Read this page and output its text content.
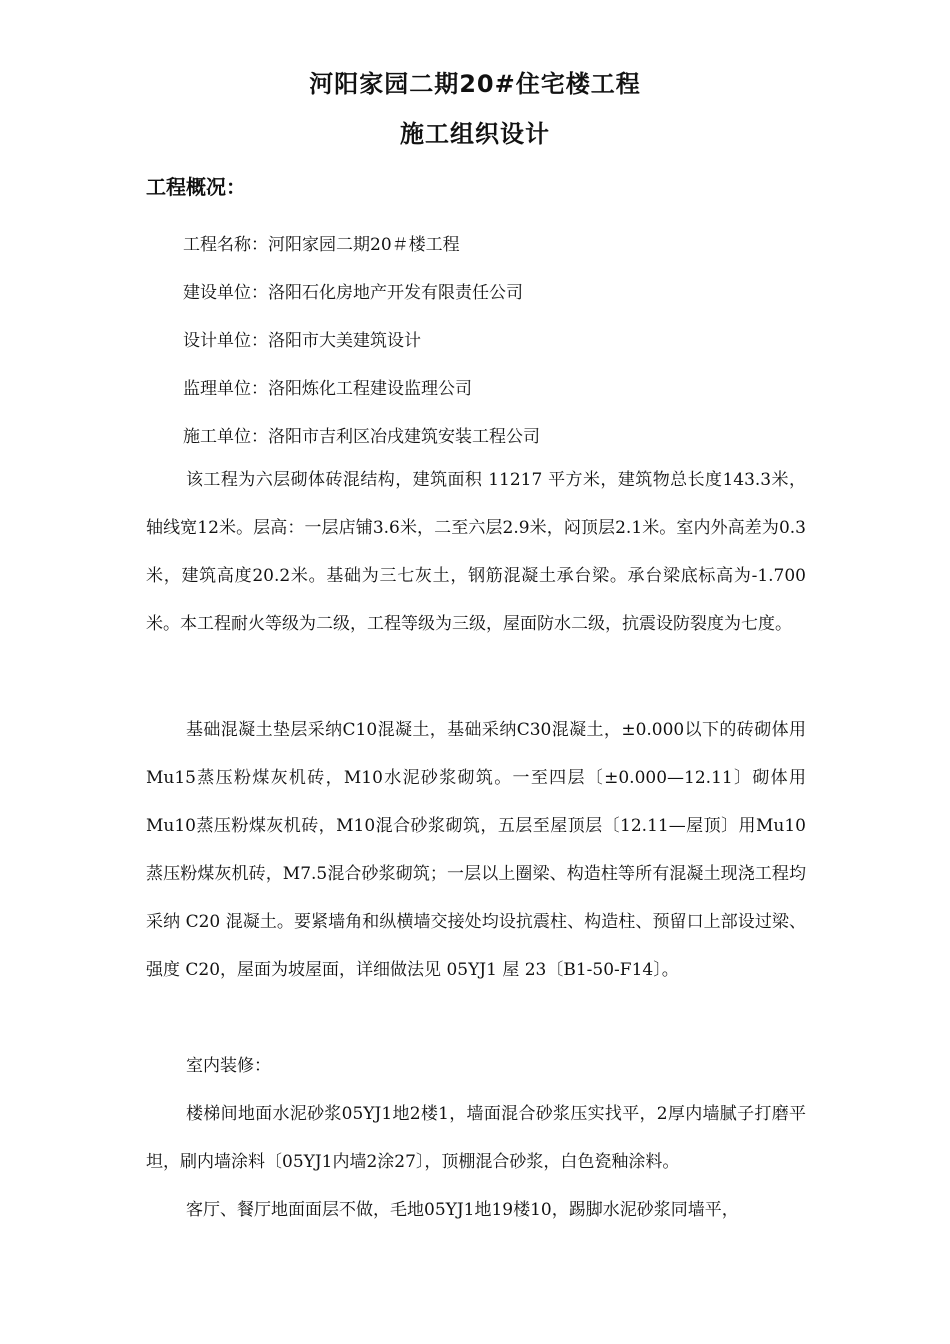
河阳家园二期20#住宅楼工程
施工组织设计
工程概况：
工程名称：河阳家园二期20＃楼工程
建设单位：洛阳石化房地产开发有限责任公司
设计单位：洛阳市大美建筑设计
监理单位：洛阳炼化工程建设监理公司
施工单位：洛阳市吉利区冶戌建筑安装工程公司

该工程为六层砌体砖混结构，建筑面积 11217 平方米，建筑物总长度143.3米，轴线宽12米。层高：一层店铺3.6米，二至六层2.9米，闷顶层2.1米。室内外高差为0.3米，建筑高度20.2米。基础为三七灰土，钢筋混凝土承台梁。承台梁底标高为-1.700 米。本工程耐火等级为二级，工程等级为三级，屋面防水二级，抗震设防裂度为七度。

基础混凝土垫层采纳C10混凝土，基础采纳C30混凝土，±0.000以下的砖砌体用Mu15蒸压粉煤灰机砖，M10水泥砂浆砌筑。一至四层〔±0.000—12.11〕砌体用Mu10蒸压粉煤灰机砖，M10混合砂浆砌筑，五层至屋顶层〔12.11—屋顶〕用Mu10蒸压粉煤灰机砖，M7.5混合砂浆砌筑；一层以上圈梁、构造柱等所有混凝土现浇工程均采纳 C20 混凝土。要紧墙角和纵横墙交接处均设抗震柱、构造柱、预留口上部设过梁、强度 C20，屋面为坡屋面，详细做法见 05YJ1 屋 23〔B1-50-F14〕。

室内装修：

楼梯间地面水泥砂浆05YJ1地2楼1，墙面混合砂浆压实找平，2厚内墙腻子打磨平坦，刷内墙涂料〔05YJ1内墙2涂27〕，顶棚混合砂浆，白色瓷釉涂料。

客厅、餐厅地面面层不做，毛地05YJ1地19楼10，踢脚水泥砂浆同墙平，
